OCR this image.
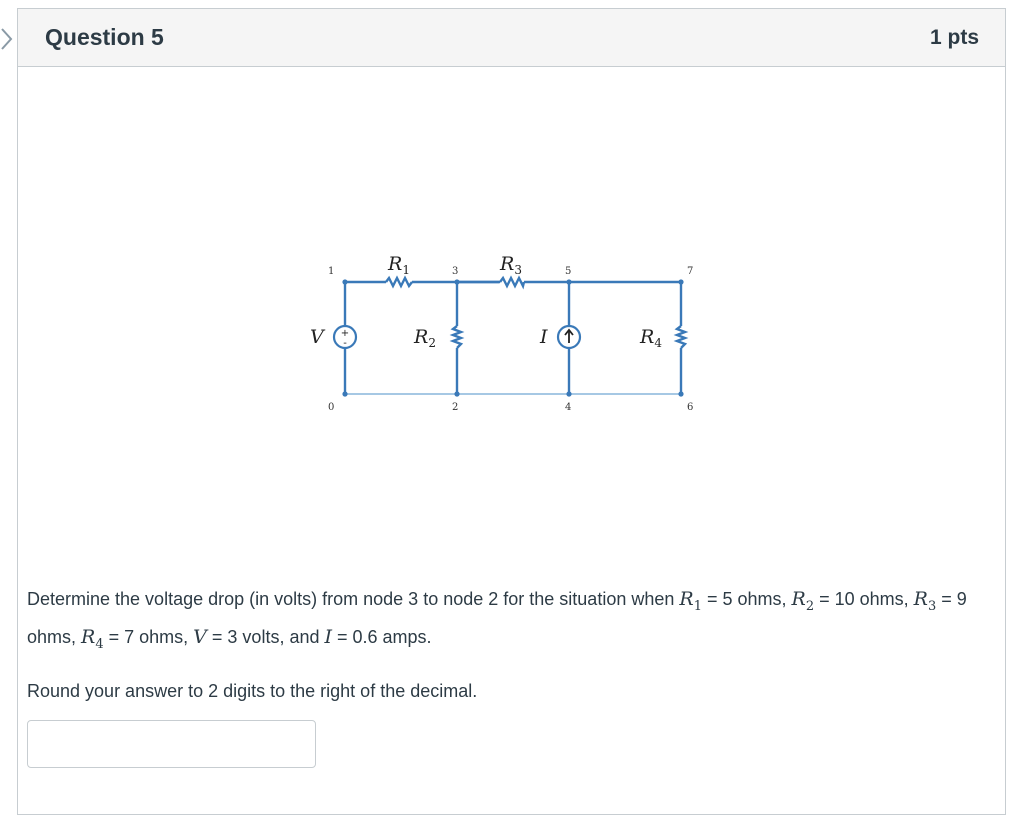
Question 5	1 pts
+
-
1	3	5	7
0	2	4	6
$R_1$	$R_3$
$R_2$	$R_4$
V	I

Determine the voltage drop (in volts) from node 3 to node 2 for the situation when $R_1 = 5$ ohms, $R_2 = 10$ ohms, $R_3 = 9$ ohms, $R_4 = 7$ ohms, V = 3 volts, and I = 0.6 amps.

Round your answer to 2 digits to the right of the decimal.
